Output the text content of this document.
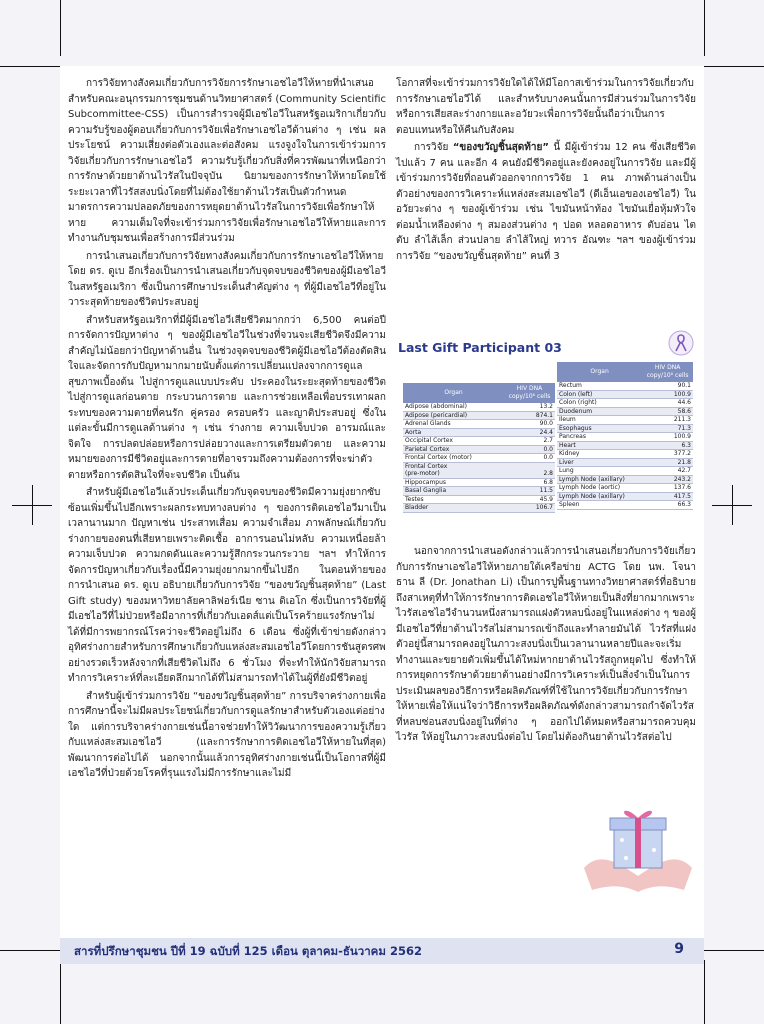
การวิจัยทางสังคมเกี่ยวกับการวิจัยการรักษาเอชไอวีให้หายที่นำเสนอสำหรับคณะอนุกรรมการชุมชนด้านวิทยาศาสตร์ (Community Scientific Subcommittee-CSS) เป็นการสำรวจผู้มีเอชไอวีในสหรัฐอเมริกาเกี่ยวกับความรับรู้ของผู้ตอบเกี่ยวกับการวิจัยเพื่อรักษาเอชไอวีด้านต่าง ๆ เช่น ผลประโยชน์ ความเสี่ยงต่อตัวเองและต่อสังคม แรงจูงใจในการเข้าร่วมการวิจัยเกี่ยวกับการรักษาเอชไอวี ความรับรู้เกี่ยวกับสิ่งที่ควรพัฒนาที่เหนือกว่าการรักษาด้วยยาต้านไวรัสในปัจจุบัน นิยามของการรักษาให้หายโดยใช้ระยะเวลาที่ไวรัสสงบนิ่งโดยที่ไม่ต้องใช้ยาต้านไวรัสเป็นตัวกำหนดมาตรการความปลอดภัยของการหยุดยาต้านไวรัสในการวิจัยเพื่อรักษาให้หาย ความเต็มใจที่จะเข้าร่วมการวิจัยเพื่อรักษาเอชไอวีให้หายและการทำงานกับชุมชนเพื่อสร้างการมีส่วนร่วม

การนำเสนอเกี่ยวกับการวิจัยทางสังคมเกี่ยวกับการรักษาเอชไอวีให้หายโดย ดร. ดูเบ อีกเรื่องเป็นการนำเสนอเกี่ยวกับจุดจบของชีวิตของผู้มีเอชไอวีในสหรัฐอเมริกา ซึ่งเป็นการศึกษาประเด็นสำคัญต่าง ๆ ที่ผู้มีเอชไอวีที่อยู่ในวาระสุดท้ายของชีวิตประสบอยู่

สำหรับสหรัฐอเมริกาที่มีผู้มีเอชไอวีเสียชีวิตมากกว่า 6,500 คนต่อปี การจัดการปัญหาต่าง ๆ ของผู้มีเอชไอวีในช่วงที่จวนจะเสียชีวิตจึงมีความสำคัญไม่น้อยกว่าปัญหาด้านอื่น ในช่วงจุดจบของชีวิตผู้มีเอชไอวีต้องตัดสินใจและจัดการกับปัญหามากมายนับตั้งแต่การเปลี่ยนแปลงจากการดูแลสุขภาพเบื้องต้น ไปสู่การดูแลแบบประคับ ประคองในระยะสุดท้ายของชีวิตไปสู่การดูแลก่อนตาย กระบวนการตาย และการช่วยเหลือเพื่อบรรเทาผลกระทบของความตายที่คนรัก คู่ครอง ครอบครัว และญาติประสบอยู่ ซึ่งในแต่ละขั้นมีการดูแลด้านต่าง ๆ เช่น ร่างกาย ความเจ็บปวด อารมณ์และจิตใจ การปลดปล่อยหรือการปล่อยวางและการเตรียมตัวตาย และความหมายของการมีชีวิตอยู่และการตายที่อาจรวมถึงความต้องการที่จะฆ่าตัวตายหรือการตัดสินใจที่จะจบชีวิต เป็นต้น

สำหรับผู้มีเอชไอวีแล้วประเด็นเกี่ยวกับจุดจบของชีวิตมีความยุ่งยากซับซ้อนเพิ่มขึ้นไปอีกเพราะผลกระทบทางลบต่าง ๆ ของการติดเอชไอวีมาเป็นเวลานานมาก ปัญหาเช่น ประสาทเสื่อม ความจำเสื่อม ภาพลักษณ์เกี่ยวกับร่างกายของตนที่เสียหายเพราะติดเชื้อ อาการนอนไม่หลับ ความเหนื่อยล้า ความเจ็บปวด ความกดดันและความรู้สึกกระวนกระวาย ฯลฯ ทำให้การจัดการปัญหาเกี่ยวกับเรื่องนี้มีความยุ่งยากมากขึ้นไปอีก ในตอนท้ายของการนำเสนอ ดร. ดูเบ อธิบายเกี่ยวกับการวิจัย “ของขวัญชิ้นสุดท้าย” (Last Gift study) ของมหาวิทยาลัยคาลิฟอร์เนีย ซาน ดิเอโก ซึ่งเป็นการวิจัยที่ผู้มีเอชไอวีที่ไม่ป่วยหรือมีอาการที่เกี่ยวกับเอดส์แต่เป็นโรคร้ายแรงรักษาไม่ได้ที่มีการพยากรณ์โรคว่าจะชีวิตอยู่ไม่ถึง 6 เดือน ซึ่งผู้ที่เข้าข่ายดังกล่าวอุทิศร่างกายสำหรับการศึกษาเกี่ยวกับแหล่งสะสมเอชไอวีโดยการชันสูตรศพอย่างรวดเร็วหลังจากที่เสียชีวิตไม่ถึง 6 ชั่วโมง ที่จะทำให้นักวิจัยสามารถทำการวิเคราะห์ที่ละเอียดลึกมากได้ที่ไม่สามารถทำได้ในผู้ที่ยังมีชีวิตอยู่

สำหรับผู้เข้าร่วมการวิจัย “ของขวัญชิ้นสุดท้าย” การบริจาคร่างกายเพื่อการศึกษานี้จะไม่มีผลประโยชน์เกี่ยวกับการดูแลรักษาสำหรับตัวเองแต่อย่างใด แต่การบริจาคร่างกายเช่นนี้อาจช่วยทำให้วิวัฒนาการของความรู้เกี่ยวกับแหล่งสะสมเอชไอวี (และการรักษาการติดเอชไอวีให้หายในที่สุด) พัฒนาการต่อไปได้ นอกจากนั้นแล้วการอุทิศร่างกายเช่นนี้เป็นโอกาสที่ผู้มีเอชไอวีที่ป่วยด้วยโรคที่รุนแรงไม่มีการรักษาและไม่มี

โอกาสที่จะเข้าร่วมการวิจัยใดได้ให้มีโอกาสเข้าร่วมในการวิจัยเกี่ยวกับการรักษาเอชไอวีได้ และสำหรับบางคนนั้นการมีส่วนร่วมในการวิจัย หรือการเสียสละร่างกายและอวัยวะเพื่อการวิจัยนั้นถือว่าเป็นการตอบแทนหรือให้คืนกับสังคม

การวิจัย “ของขวัญชิ้นสุดท้าย” นี้ มีผู้เข้าร่วม 12 คน ซึ่งเสียชีวิตไปแล้ว 7 คน และอีก 4 คนยังมีชีวิตอยู่และยังคงอยู่ในการวิจัย และมีผู้เข้าร่วมการวิจัยที่ถอนตัวออกจากการวิจัย 1 คน ภาพด้านล่างเป็นตัวอย่างของการวิเคราะห์แหล่งสะสมเอชไอวี (ดีเอ็นเอของเอชไอวี) ในอวัยวะต่าง ๆ ของผู้เข้าร่วม เช่น ไขมันหน้าท้อง ไขมันเยื่อหุ้มหัวใจ ต่อมน้ำเหลืองต่าง ๆ สมองส่วนต่าง ๆ ปอด หลอดอาหาร ตับอ่อน ไต ตับ ลำไส้เล็ก ส่วนปลาย ลำไส้ใหญ่ ทวาร อัณฑะ ฯลฯ ของผู้เข้าร่วมการวิจัย “ของขวัญชิ้นสุดท้าย” คนที่ 3

Last Gift Participant 03
Organ	HIV DNA copy/10⁶ cells
Adipose (abdominal)	13.2
Adipose (pericardial)	874.1
Adrenal Glands	90.0
Aorta	24.4
Occipital Cortex	2.7
Parietal Cortex	0.0
Frontal Cortex (motor)	0.0
Frontal Cortex	
(pre-motor)	2.8
Hippocampus	6.8
Basal Ganglia	11.5
Testes	45.9
Bladder	106.7
Organ	HIV DNA copy/10⁶ cells
Rectum	90.1
Colon (left)	100.9
Colon (right)	44.6
Duodenum	58.6
Ileum	211.3
Esophagus	71.3
Pancreas	100.9
Heart	6.3
Kidney	377.2
Liver	21.8
Lung	42.7
Lymph Node (axillary)	243.2
Lymph Node (aortic)	137.6
Lymph Node (axillary)	417.5
Spleen	66.3

นอกจากการนำเสนอดังกล่าวแล้วการนำเสนอเกี่ยวกับการวิจัยเกี่ยวกับการรักษาเอชไอวีให้หายภายใต้เครือข่าย ACTG โดย นพ. โจนาธาน ลี (Dr. Jonathan Li) เป็นการปูพื้นฐานทางวิทยาศาสตร์ที่อธิบายถึงสาเหตุที่ทำให้การรักษาการติดเอชไอวีให้หายเป็นสิ่งที่ยากมากเพราะไวรัสเอชไอวีจำนวนหนึ่งสามารถแฝงตัวหลบนิ่งอยู่ในแหล่งต่าง ๆ ของผู้มีเอชไอวีที่ยาต้านไวรัสไม่สามารถเข้าถึงและทำลายมันได้ ไวรัสที่แฝงตัวอยู่นี้สามารถคงอยู่ในภาวะสงบนิ่งเป็นเวลานานหลายปีและจะเริ่มทำงานและขยายตัวเพิ่มขึ้นได้ใหม่หากยาต้านไวรัสถูกหยุดไป ซึ่งทำให้การหยุดการรักษาด้วยยาต้านอย่างมีการวิเคราะห์เป็นสิ่งจำเป็นในการประเมินผลของวิธีการหรือผลิตภัณฑ์ที่ใช้ในการวิจัยเกี่ยวกับการรักษาให้หายเพื่อให้แน่ใจว่าวิธีการหรือผลิตภัณฑ์ดังกล่าวสามารถกำจัดไวรัสที่หลบซ่อนสงบนิ่งอยู่ในที่ต่าง ๆ ออกไปได้หมดหรือสามารถควบคุมไวรัส ให้อยู่ในภาวะสงบนิ่งต่อไป โดยไม่ต้องกินยาต้านไวรัสต่อไป

สารที่ปรึกษาชุมชน ปีที่ 19 ฉบับที่ 125 เดือน ตุลาคม-ธันวาคม 2562	9
